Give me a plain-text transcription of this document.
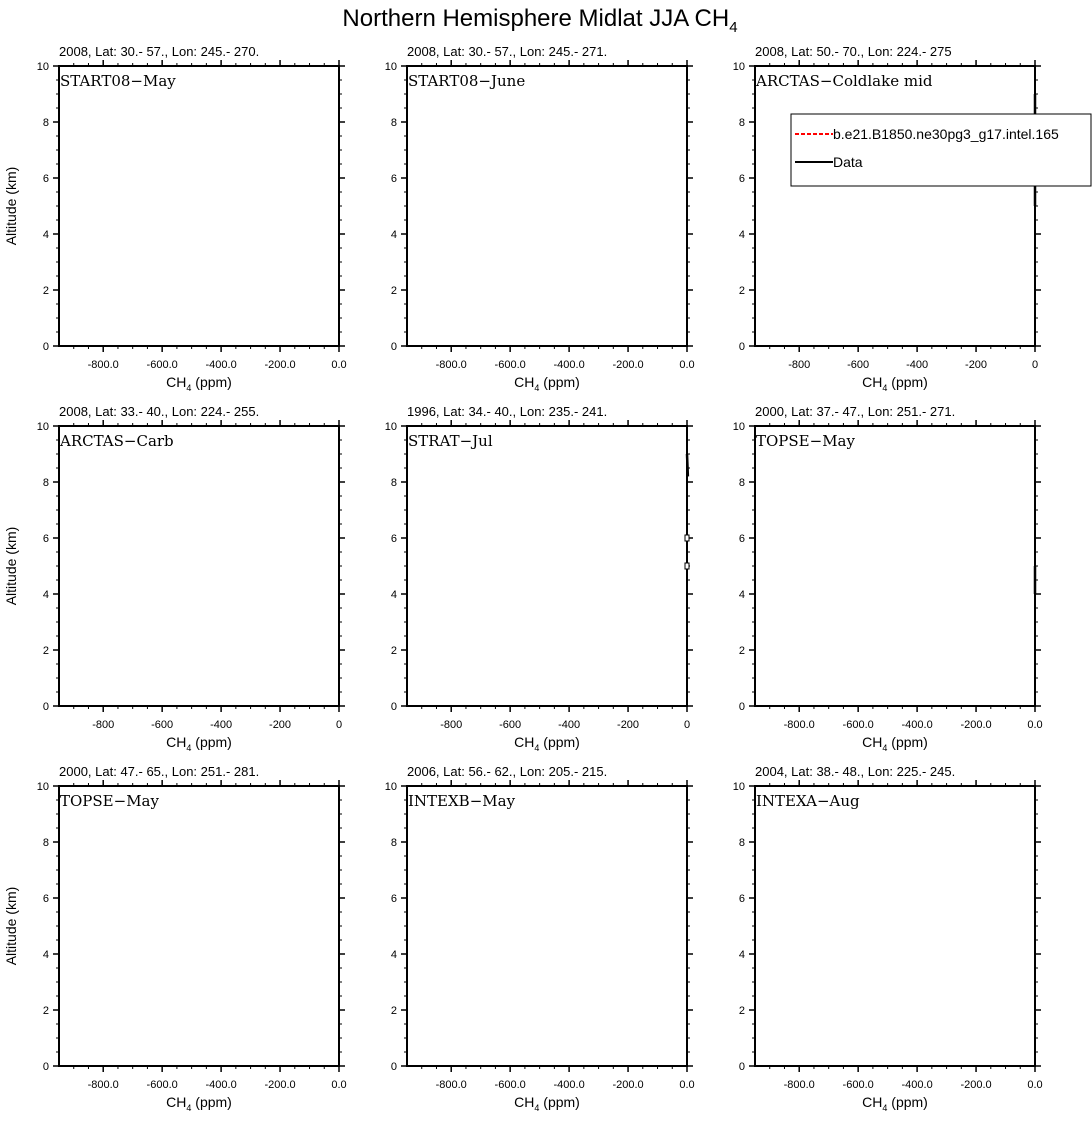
Northern Hemisphere Midlat JJA $CH_4$
2008, Lat: 30.- 57., Lon: 245.- 270.
START08−May
0
2
4
6
8
10
-800.0	-600.0	-400.0	-200.0	0.0
$CH_4$ (ppm)
Altitude (km)
2008, Lat: 30.- 57., Lon: 245.- 271.
START08−June
0
2
4
6
8
10
-800.0	-600.0	-400.0	-200.0	0.0
$CH_4$ (ppm)
2008, Lat: 50.- 70., Lon: 224.- 275
ARCTAS−Coldlake mid
0
2
4
6
8
10
-800	-600	-400	-200	0
$CH_4$ (ppm)
b.e21.B1850.ne30pg3_g17.intel.165
Data
2008, Lat: 33.- 40., Lon: 224.- 255.
ARCTAS−Carb
0
2
4
6
8
10
-800	-600	-400	-200	0
$CH_4$ (ppm)
Altitude (km)
1996, Lat: 34.- 40., Lon: 235.- 241.
STRAT−Jul
0
2
4
6
8
10
-800	-600	-400	-200	0
$CH_4$ (ppm)
2000, Lat: 37.- 47., Lon: 251.- 271.
TOPSE−May
0
2
4
6
8
10
-800.0	-600.0	-400.0	-200.0	0.0
$CH_4$ (ppm)
2000, Lat: 47.- 65., Lon: 251.- 281.
TOPSE−May
0
2
4
6
8
10
-800.0	-600.0	-400.0	-200.0	0.0
$CH_4$ (ppm)
Altitude (km)
2006, Lat: 56.- 62., Lon: 205.- 215.
INTEXB−May
0
2
4
6
8
10
-800.0	-600.0	-400.0	-200.0	0.0
$CH_4$ (ppm)
2004, Lat: 38.- 48., Lon: 225.- 245.
INTEXA−Aug
0
2
4
6
8
10
-800.0	-600.0	-400.0	-200.0	0.0
$CH_4$ (ppm)
